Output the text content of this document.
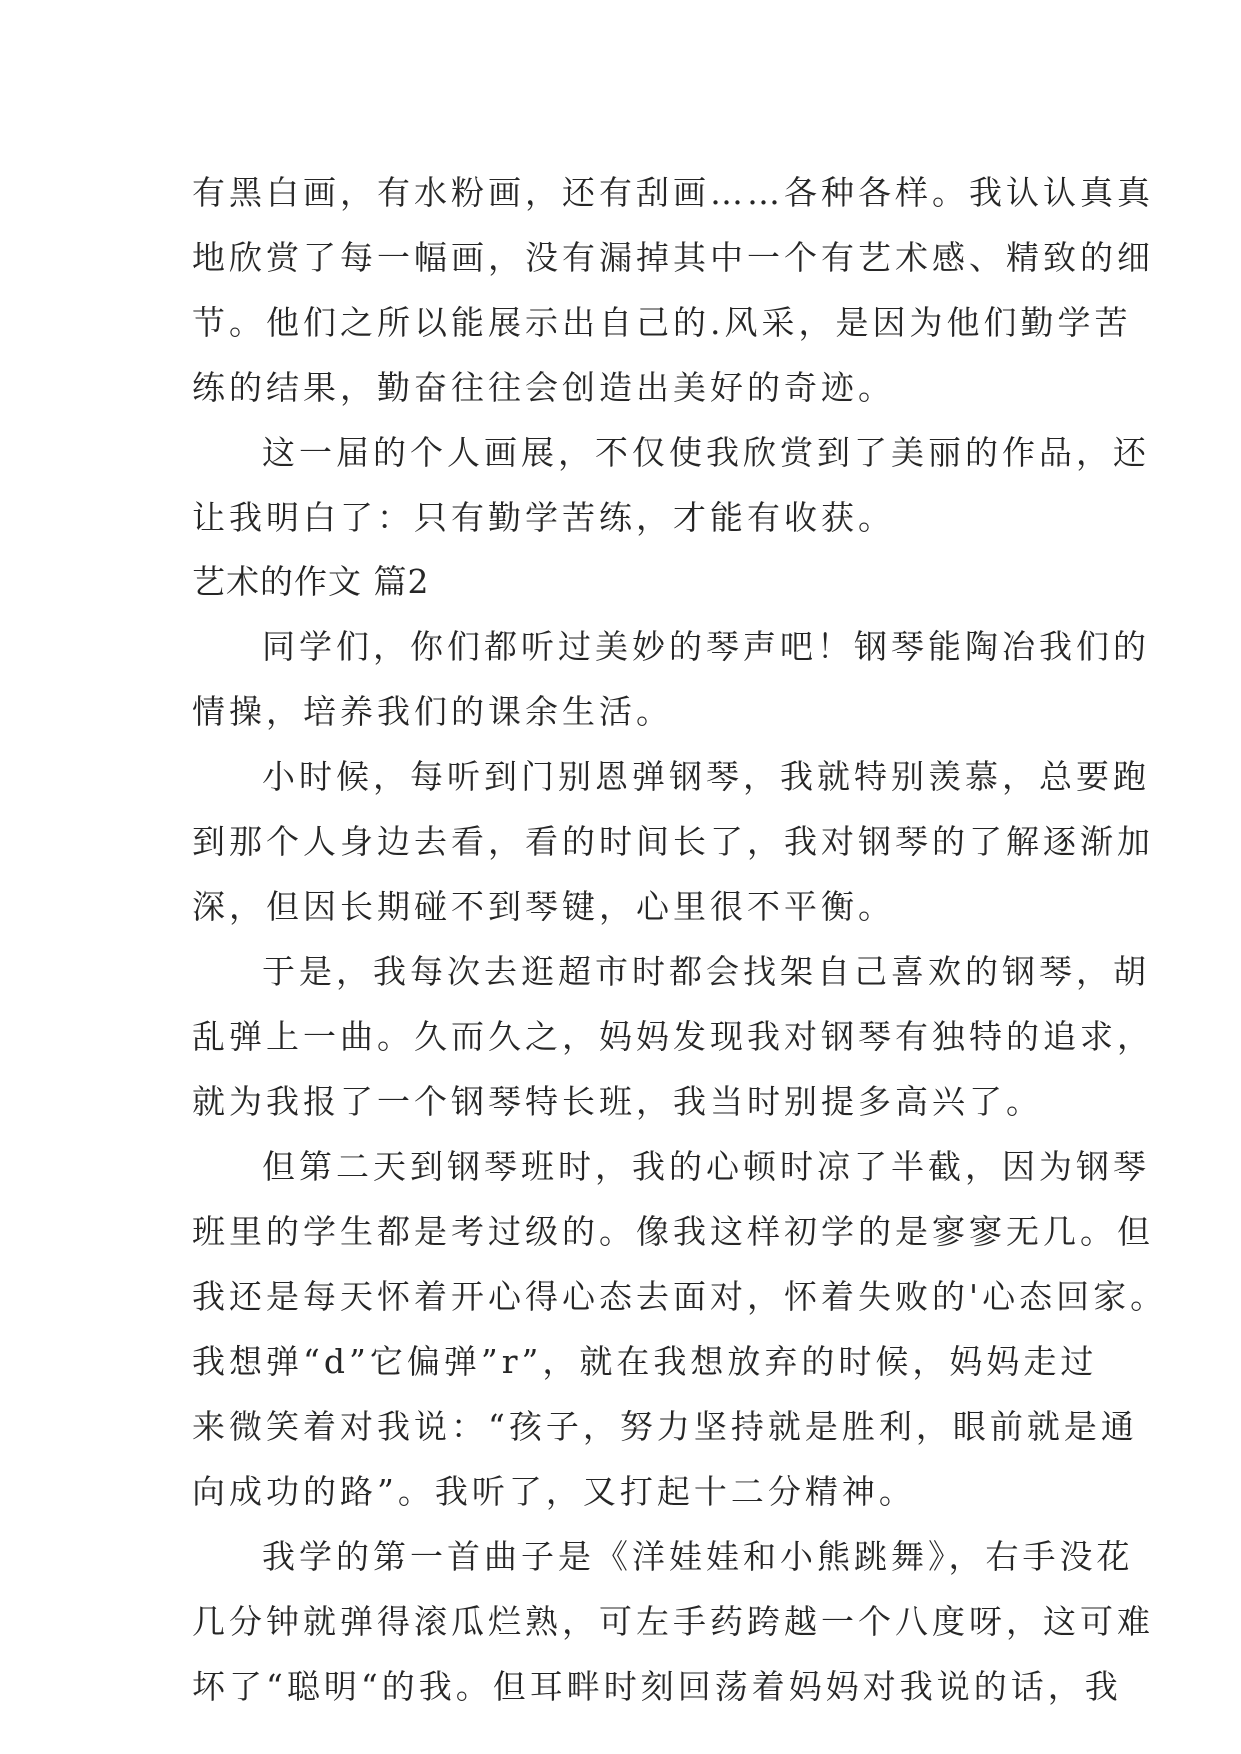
有黑白画，有水粉画，还有刮画……各种各样。我认认真真
地欣赏了每一幅画，没有漏掉其中一个有艺术感、精致的细
节。他们之所以能展示出自己的.风采，是因为他们勤学苦
练的结果，勤奋往往会创造出美好的奇迹。
这一届的个人画展，不仅使我欣赏到了美丽的作品，还
让我明白了：只有勤学苦练，才能有收获。
艺术的作文 篇2
同学们，你们都听过美妙的琴声吧！钢琴能陶冶我们的
情操，培养我们的课余生活。
小时候，每听到门别恩弹钢琴，我就特别羡慕，总要跑
到那个人身边去看，看的时间长了，我对钢琴的了解逐渐加
深，但因长期碰不到琴键，心里很不平衡。
于是，我每次去逛超市时都会找架自己喜欢的钢琴，胡
乱弹上一曲。久而久之，妈妈发现我对钢琴有独特的追求，
就为我报了一个钢琴特长班，我当时别提多高兴了。
但第二天到钢琴班时，我的心顿时凉了半截，因为钢琴
班里的学生都是考过级的。像我这样初学的是寥寥无几。但
我还是每天怀着开心得心态去面对，怀着失败的'心态回家。
我想弹“d”它偏弹”r”，就在我想放弃的时候，妈妈走过
来微笑着对我说：“孩子，努力坚持就是胜利，眼前就是通
向成功的路”。我听了，又打起十二分精神。
我学的第一首曲子是《洋娃娃和小熊跳舞》，右手没花
几分钟就弹得滚瓜烂熟，可左手药跨越一个八度呀，这可难
坏了“聪明“的我。但耳畔时刻回荡着妈妈对我说的话，我
